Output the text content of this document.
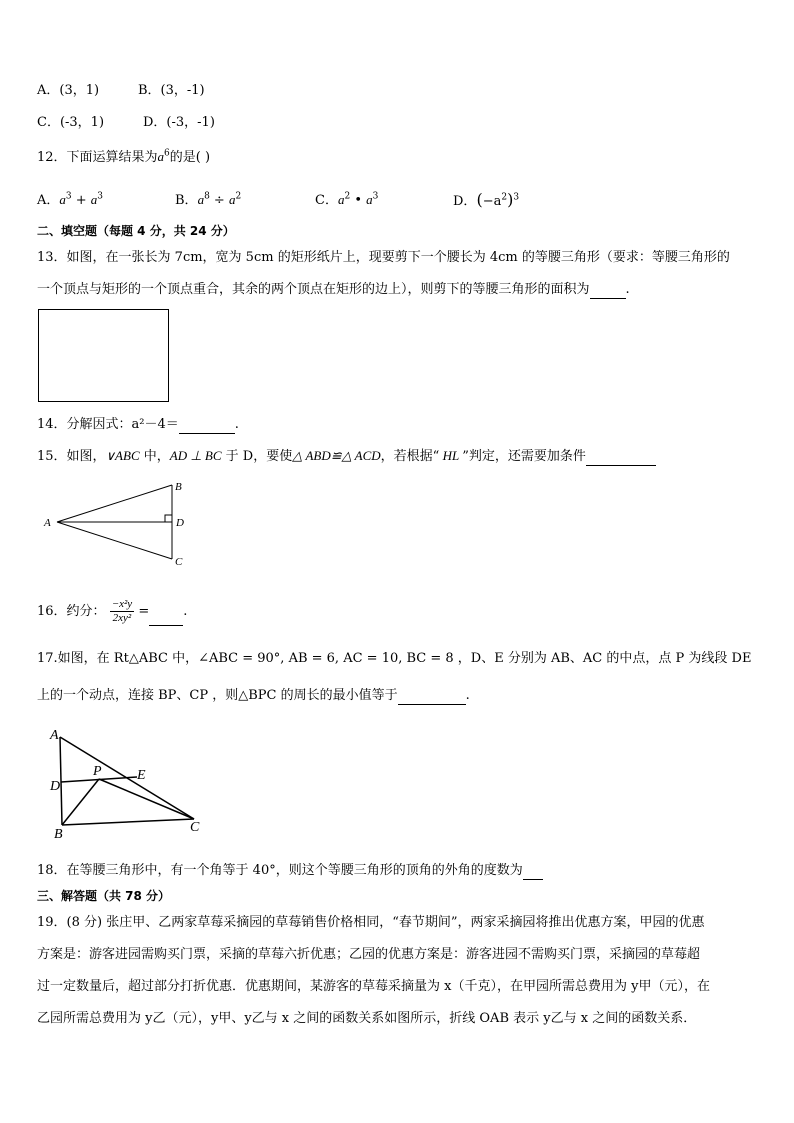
A．(3，1)	B．(3，-1)
C．(-3，1)	D．(-3，-1)
12．下面运算结果为$a^6$的是( )
A．$a^3 + a^3$	B．$a^8 \div a^2$	C．$a^2$ • $a^3$	D．$(-a^2)^3$
二、填空题（每题 4 分，共 24 分）
13．如图，在一张长为 7cm，宽为 5cm 的矩形纸片上，现要剪下一个腰长为 4cm 的等腰三角形（要求：等腰三角形的
一个顶点与矩形的一个顶点重合，其余的两个顶点在矩形的边上），则剪下的等腰三角形的面积为	.
14．分解因式：a²－4＝	.
15．如图，∨ABC 中，AD ⊥ BC 于 D，要使△ ABD≌△ ACD，若根据“ HL ”判定，还需要加条件
A
B
D
C
16．约分： $\frac{\text{−x²y}}{\text{2xy²}}$ =	.
17.如图，在 Rt△ABC 中，∠ABC = 90°, AB = 6, AC = 10, BC = 8 ，D、E 分别为 AB、AC 的中点，点 P 为线段 DE
上的一个动点，连接 BP、CP ，则△BPC 的周长的最小值等于	.
A
D
P	E
B	C
18．在等腰三角形中，有一个角等于 40°，则这个等腰三角形的顶角的外角的度数为
三、解答题（共 78 分）
19．(8 分) 张庄甲、乙两家草莓采摘园的草莓销售价格相同，“春节期间”，两家采摘园将推出优惠方案，甲园的优惠
方案是：游客进园需购买门票，采摘的草莓六折优惠；乙园的优惠方案是：游客进园不需购买门票，采摘园的草莓超
过一定数量后，超过部分打折优惠．优惠期间，某游客的草莓采摘量为 x（千克），在甲园所需总费用为 y甲（元），在
乙园所需总费用为 y乙（元），y甲、y乙与 x 之间的函数关系如图所示，折线 OAB 表示 y乙与 x 之间的函数关系．
